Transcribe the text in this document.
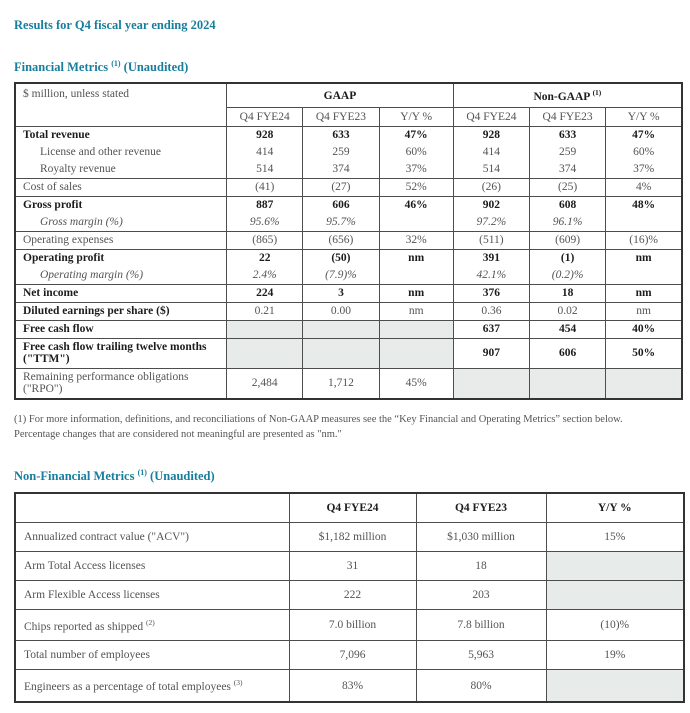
Results for Q4 fiscal year ending 2024
Financial Metrics $^{(1)}$ (Unaudited)
$ million, unless stated	GAAP			Non-GAAP $^{(1)}$
	Q4 FYE24	Q4 FYE23	Y/Y %	Q4 FYE24	Q4 FYE23	Y/Y %
Total revenue	928	633	47%	928	633	47%
License and other revenue	414	259	60%	414	259	60%
Royalty revenue	514	374	37%	514	374	37%
Cost of sales	(41)	(27)	52%	(26)	(25)	4%
Gross profit	887	606	46%	902	608	48%
Gross margin (%)	95.6%	95.7%		97.2%	96.1%	
Operating expenses	(865)	(656)	32%	(511)	(609)	(16)%
Operating profit	22	(50)	nm	391	(1)	nm
Operating margin (%)	2.4%	(7.9)%		42.1%	(0.2)%	
Net income	224	3	nm	376	18	nm
Diluted earnings per share ($)	0.21	0.00	nm	0.36	0.02	nm
Free cash flow				637	454	40%
Free cash flow trailing twelve months ("TTM")				907	606	50%
Remaining performance obligations ("RPO")	2,484	1,712	45%			

(1) For more information, definitions, and reconciliations of Non-GAAP measures see the “Key Financial and Operating Metrics” section below.
Percentage changes that are considered not meaningful are presented as "nm."

Non-Financial Metrics $^{(1)}$ (Unaudited)
	Q4 FYE24	Q4 FYE23	Y/Y %
Annualized contract value ("ACV")	$1,182 million	$1,030 million	15%
Arm Total Access licenses	31	18	
Arm Flexible Access licenses	222	203	
Chips reported as shipped $^{(2)}$	7.0 billion	7.8 billion	(10)%
Total number of employees	7,096	5,963	19%
Engineers as a percentage of total employees $^{(3)}$	83%	80%	
